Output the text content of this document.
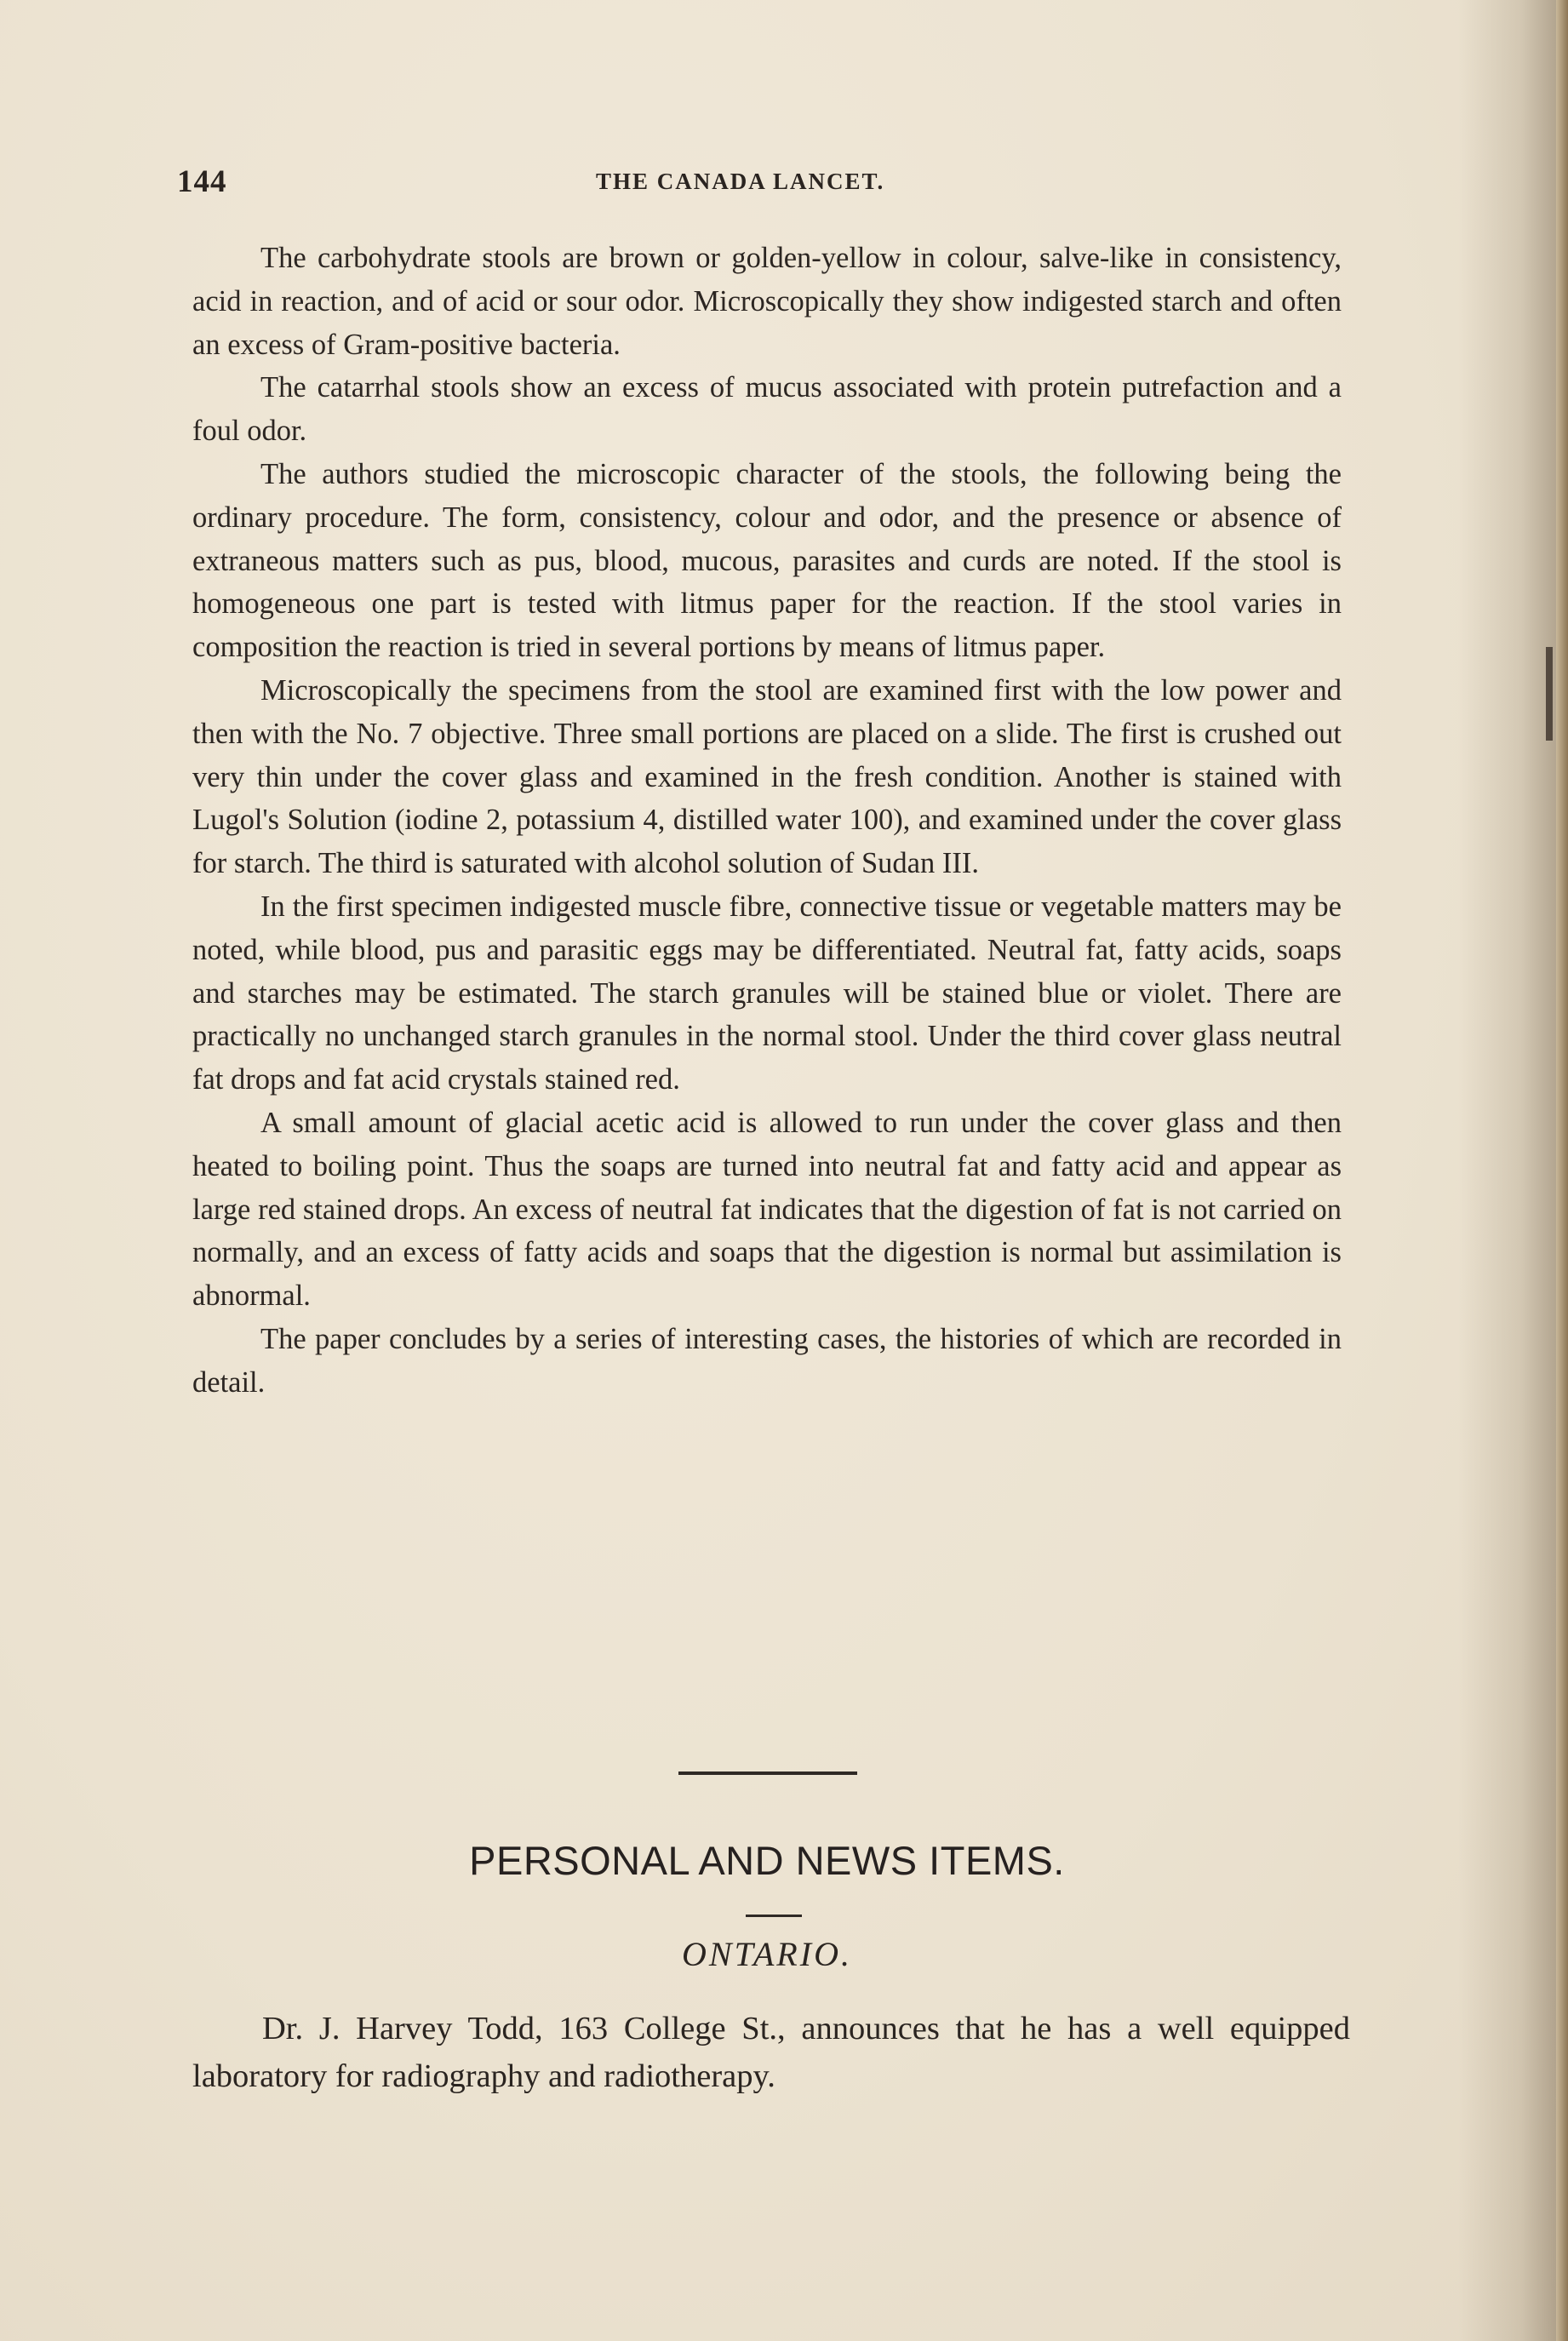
144	THE CANADA LANCET.

The carbohydrate stools are brown or golden-yellow in colour, salve-like in consistency, acid in reaction, and of acid or sour odor. Microscopically they show indigested starch and often an excess of Gram-positive bacteria.

The catarrhal stools show an excess of mucus associated with protein putrefaction and a foul odor.

The authors studied the microscopic character of the stools, the following being the ordinary procedure. The form, consistency, colour and odor, and the presence or absence of extraneous matters such as pus, blood, mucous, parasites and curds are noted. If the stool is homogeneous one part is tested with litmus paper for the reaction. If the stool varies in composition the reaction is tried in several portions by means of litmus paper.

Microscopically the specimens from the stool are examined first with the low power and then with the No. 7 objective. Three small portions are placed on a slide. The first is crushed out very thin under the cover glass and examined in the fresh condition. Another is stained with Lugol's Solution (iodine 2, potassium 4, distilled water 100), and examined under the cover glass for starch. The third is saturated with alcohol solution of Sudan III.

In the first specimen indigested muscle fibre, connective tissue or vegetable matters may be noted, while blood, pus and parasitic eggs may be differentiated. Neutral fat, fatty acids, soaps and starches may be estimated. The starch granules will be stained blue or violet. There are practically no unchanged starch granules in the normal stool. Under the third cover glass neutral fat drops and fat acid crystals stained red.

A small amount of glacial acetic acid is allowed to run under the cover glass and then heated to boiling point. Thus the soaps are turned into neutral fat and fatty acid and appear as large red stained drops. An excess of neutral fat indicates that the digestion of fat is not carried on normally, and an excess of fatty acids and soaps that the digestion is normal but assimilation is abnormal.

The paper concludes by a series of interesting cases, the histories of which are recorded in detail.

PERSONAL AND NEWS ITEMS.
ONTARIO.

Dr. J. Harvey Todd, 163 College St., announces that he has a well equipped laboratory for radiography and radiotherapy.
